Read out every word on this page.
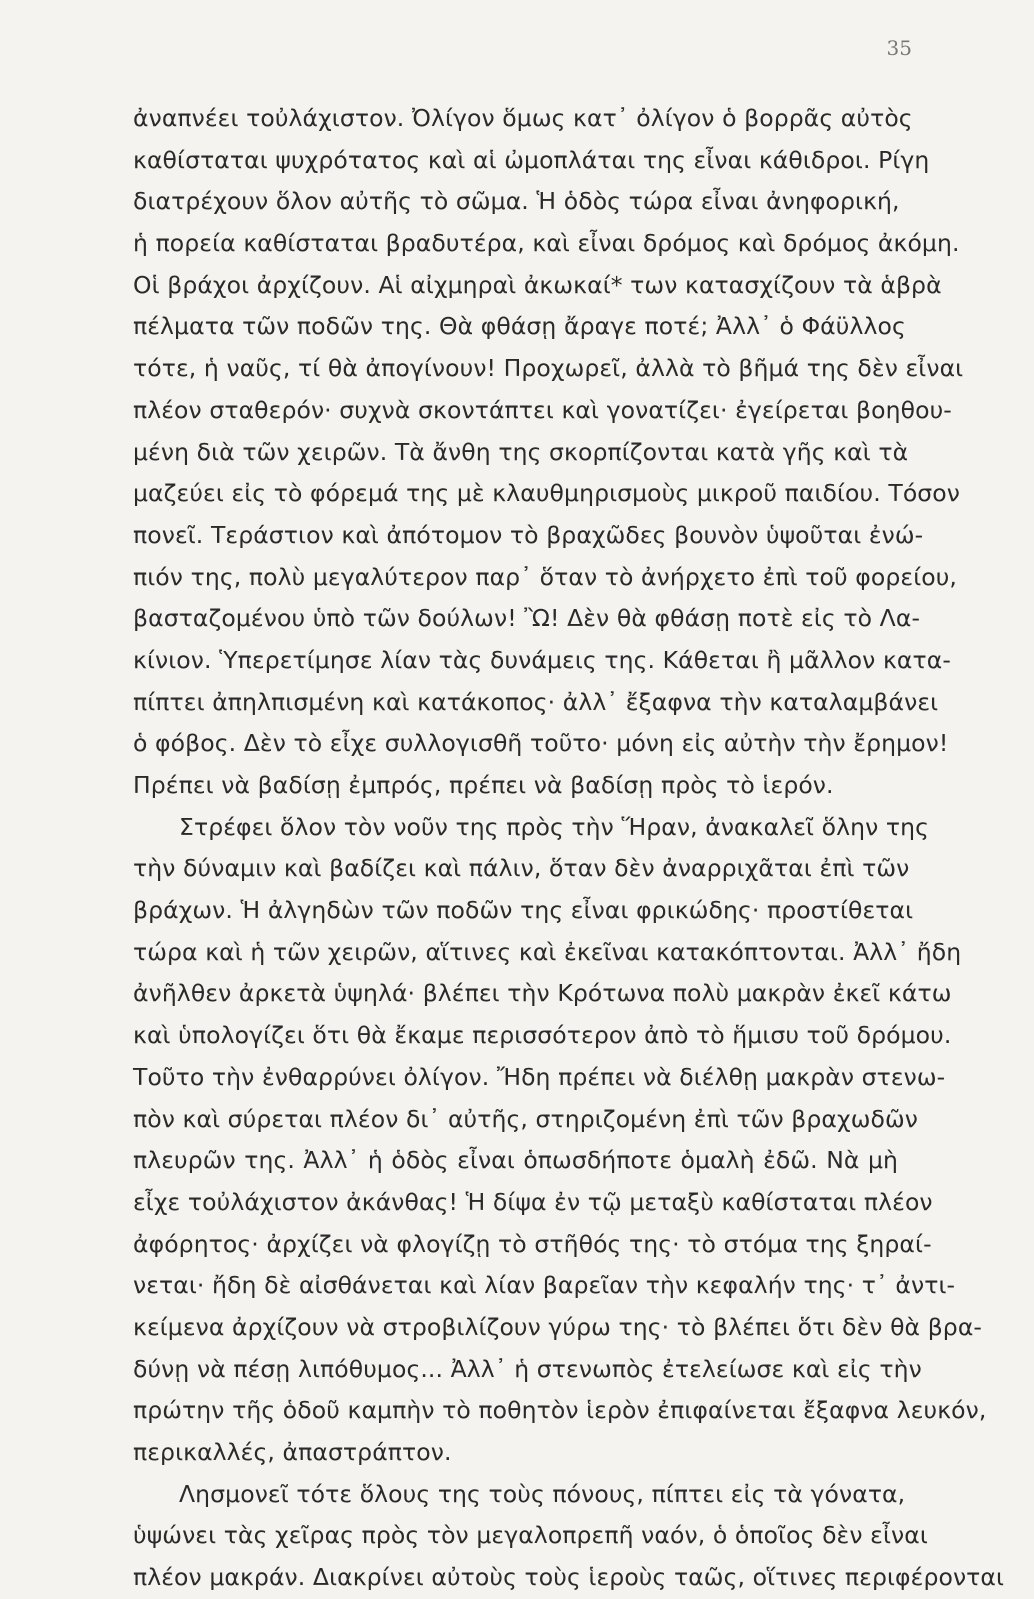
35
ἀναπνέει τοὐλάχιστον. Ὀλίγον ὅμως κατ᾽ ὀλίγον ὁ βορρᾶς αὐτὸς
καθίσταται ψυχρότατος καὶ αἱ ὠμοπλάται της εἶναι κάθιδροι. Ρίγη
διατρέχουν ὅλον αὐτῆς τὸ σῶμα. Ἡ ὁδὸς τώρα εἶναι ἀνηφορική,
ἡ πορεία καθίσταται βραδυτέρα, καὶ εἶναι δρόμος καὶ δρόμος ἀκόμη.
Οἱ βράχοι ἀρχίζουν. Αἱ αἰχμηραὶ ἀκωκαί* των κατασχίζουν τὰ ἁβρὰ
πέλματα τῶν ποδῶν της. Θὰ φθάσῃ ἄραγε ποτέ; Ἀλλ᾽ ὁ Φάϋλλος
τότε, ἡ ναῦς, τί θὰ ἀπογίνουν! Προχωρεῖ, ἀλλὰ τὸ βῆμά της δὲν εἶναι
πλέον σταθερόν· συχνὰ σκοντάπτει καὶ γονατίζει· ἐγείρεται βοηθου-
μένη διὰ τῶν χειρῶν. Τὰ ἄνθη της σκορπίζονται κατὰ γῆς καὶ τὰ
μαζεύει εἰς τὸ φόρεμά της μὲ κλαυθμηρισμοὺς μικροῦ παιδίου. Τόσον
πονεῖ. Τεράστιον καὶ ἀπότομον τὸ βραχῶδες βουνὸν ὑψοῦται ἐνώ-
πιόν της, πολὺ μεγαλύτερον παρ᾽ ὅταν τὸ ἀνήρχετο ἐπὶ τοῦ φορείου,
βασταζομένου ὑπὸ τῶν δούλων! Ὢ! Δὲν θὰ φθάσῃ ποτὲ εἰς τὸ Λα-
κίνιον. Ὑπερετίμησε λίαν τὰς δυνάμεις της. Κάθεται ἢ μᾶλλον κατα-
πίπτει ἀπηλπισμένη καὶ κατάκοπος· ἀλλ᾽ ἔξαφνα τὴν καταλαμβάνει
ὁ φόβος. Δὲν τὸ εἶχε συλλογισθῆ τοῦτο· μόνη εἰς αὐτὴν τὴν ἔρημον!
Πρέπει νὰ βαδίσῃ ἐμπρός, πρέπει νὰ βαδίσῃ πρὸς τὸ ἱερόν.
Στρέφει ὅλον τὸν νοῦν της πρὸς τὴν Ἥραν, ἀνακαλεῖ ὅλην της
τὴν δύναμιν καὶ βαδίζει καὶ πάλιν, ὅταν δὲν ἀναρριχᾶται ἐπὶ τῶν
βράχων. Ἡ ἀλγηδὼν τῶν ποδῶν της εἶναι φρικώδης· προστίθεται
τώρα καὶ ἡ τῶν χειρῶν, αἵτινες καὶ ἐκεῖναι κατακόπτονται. Ἀλλ᾽ ἤδη
ἀνῆλθεν ἀρκετὰ ὑψηλά· βλέπει τὴν Κρότωνα πολὺ μακρὰν ἐκεῖ κάτω
καὶ ὑπολογίζει ὅτι θὰ ἔκαμε περισσότερον ἀπὸ τὸ ἥμισυ τοῦ δρόμου.
Τοῦτο τὴν ἐνθαρρύνει ὀλίγον. Ἤδη πρέπει νὰ διέλθῃ μακρὰν στενω-
πὸν καὶ σύρεται πλέον δι᾽ αὐτῆς, στηριζομένη ἐπὶ τῶν βραχωδῶν
πλευρῶν της. Ἀλλ᾽ ἡ ὁδὸς εἶναι ὁπωσδήποτε ὁμαλὴ ἐδῶ. Νὰ μὴ
εἶχε τοὐλάχιστον ἀκάνθας! Ἡ δίψα ἐν τῷ μεταξὺ καθίσταται πλέον
ἀφόρητος· ἀρχίζει νὰ φλογίζῃ τὸ στῆθός της· τὸ στόμα της ξηραί-
νεται· ἤδη δὲ αἰσθάνεται καὶ λίαν βαρεῖαν τὴν κεφαλήν της· τ᾽ ἀντι-
κείμενα ἀρχίζουν νὰ στροβιλίζουν γύρω της· τὸ βλέπει ὅτι δὲν θὰ βρα-
δύνῃ νὰ πέσῃ λιπόθυμος... Ἀλλ᾽ ἡ στενωπὸς ἐτελείωσε καὶ εἰς τὴν
πρώτην τῆς ὁδοῦ καμπὴν τὸ ποθητὸν ἱερὸν ἐπιφαίνεται ἔξαφνα λευκόν,
περικαλλές, ἀπαστράπτον.
Λησμονεῖ τότε ὅλους της τοὺς πόνους, πίπτει εἰς τὰ γόνατα,
ὑψώνει τὰς χεῖρας πρὸς τὸν μεγαλοπρεπῆ ναόν, ὁ ὁποῖος δὲν εἶναι
πλέον μακράν. Διακρίνει αὐτοὺς τοὺς ἱεροὺς ταῶς, οἵτινες περιφέρονται
